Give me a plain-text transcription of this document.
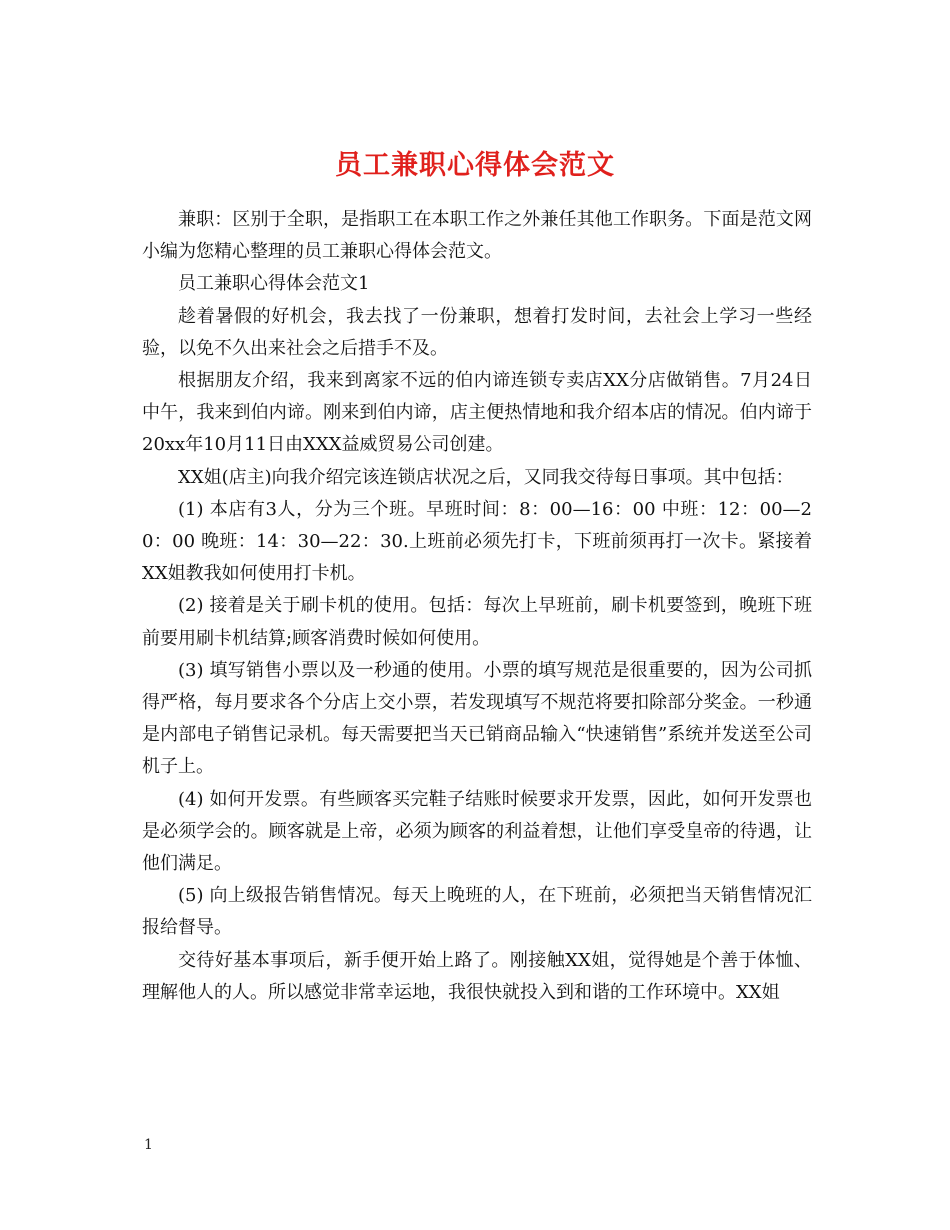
员工兼职心得体会范文

兼职：区别于全职，是指职工在本职工作之外兼任其他工作职务。下面是范文网小编为您精心整理的员工兼职心得体会范文。

员工兼职心得体会范文1

趁着暑假的好机会，我去找了一份兼职，想着打发时间，去社会上学习一些经验，以免不久出来社会之后措手不及。

根据朋友介绍，我来到离家不远的伯内谛连锁专卖店XX分店做销售。7月24日中午，我来到伯内谛。刚来到伯内谛，店主便热情地和我介绍本店的情况。伯内谛于20xx年10月11日由XXX益威贸易公司创建。

XX姐(店主)向我介绍完该连锁店状况之后，又同我交待每日事项。其中包括：

(1) 本店有3人，分为三个班。早班时间：8：00—16：00 中班：12：00—20：00 晚班：14：30—22：30.上班前必须先打卡，下班前须再打一次卡。紧接着XX姐教我如何使用打卡机。

(2) 接着是关于刷卡机的使用。包括：每次上早班前，刷卡机要签到，晚班下班前要用刷卡机结算;顾客消费时候如何使用。

(3) 填写销售小票以及一秒通的使用。小票的填写规范是很重要的，因为公司抓得严格，每月要求各个分店上交小票，若发现填写不规范将要扣除部分奖金。一秒通是内部电子销售记录机。每天需要把当天已销商品输入“快速销售”系统并发送至公司机子上。

(4) 如何开发票。有些顾客买完鞋子结账时候要求开发票，因此，如何开发票也是必须学会的。顾客就是上帝，必须为顾客的利益着想，让他们享受皇帝的待遇，让他们满足。

(5) 向上级报告销售情况。每天上晚班的人，在下班前，必须把当天销售情况汇报给督导。

交待好基本事项后，新手便开始上路了。刚接触XX姐，觉得她是个善于体恤、理解他人的人。所以感觉非常幸运地，我很快就投入到和谐的工作环境中。XX姐

1
